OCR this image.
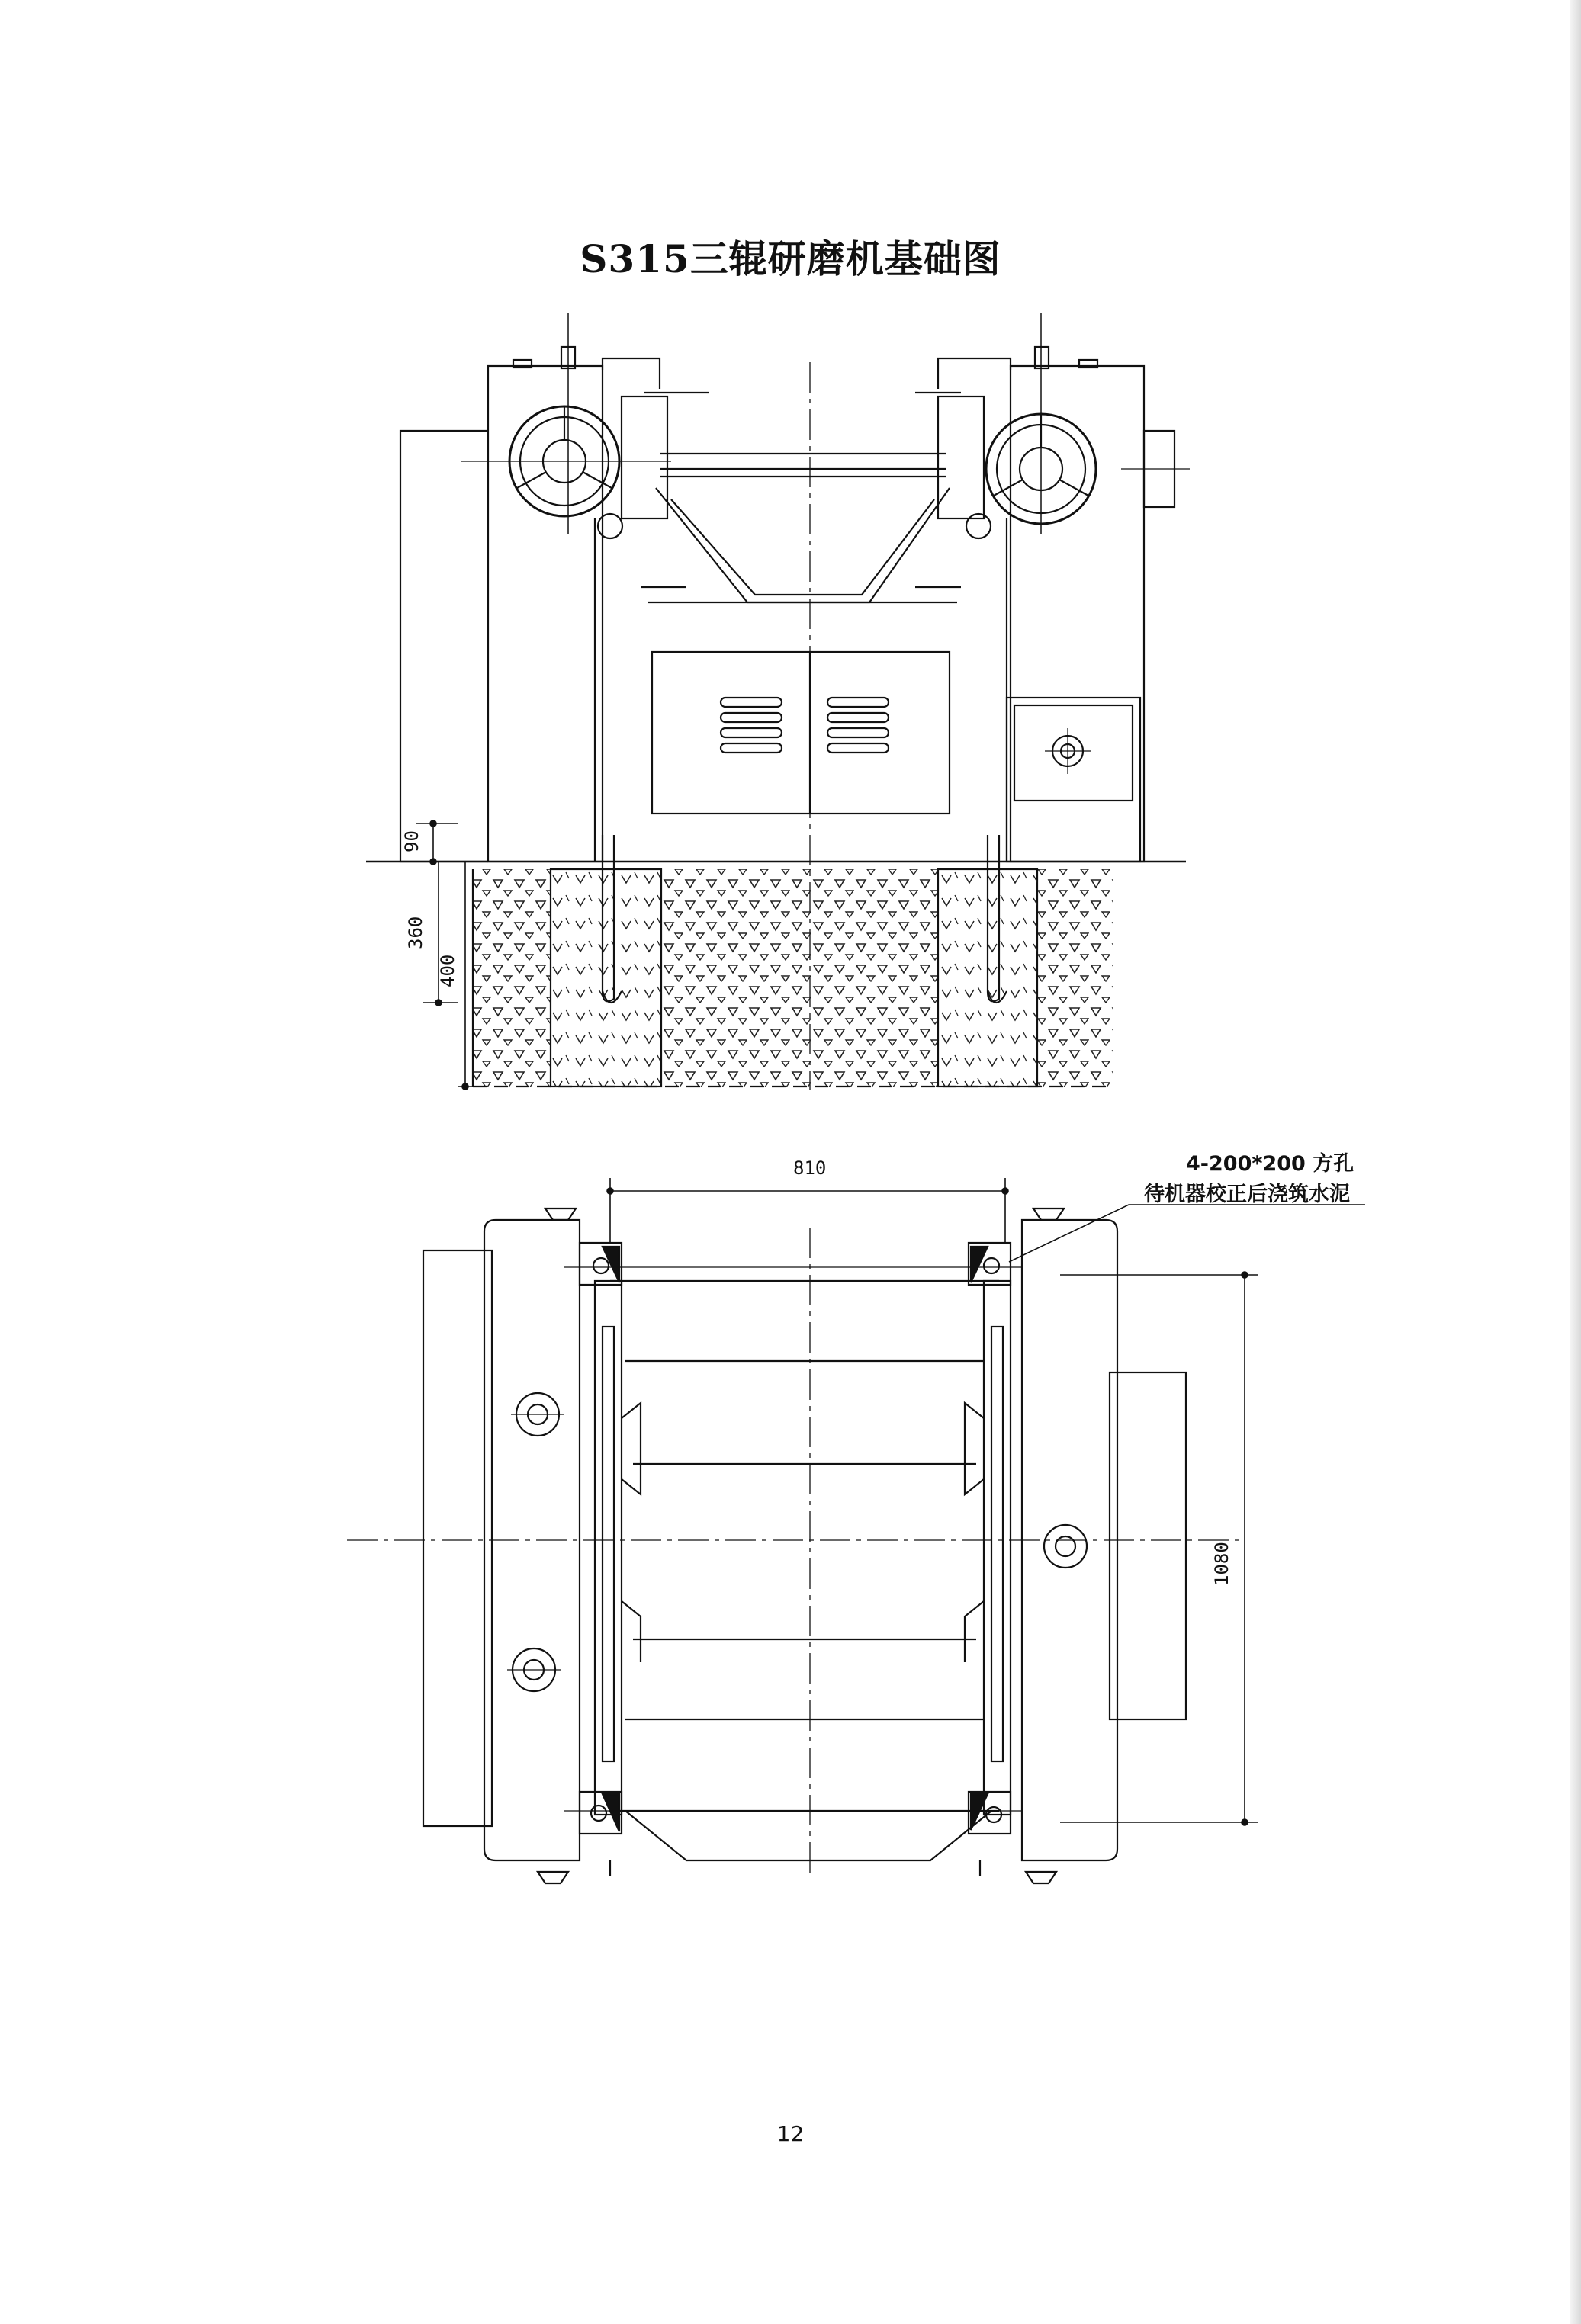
S315三辊研磨机基础图
90
360
400
810
1080
4-200*200 方孔
待机器校正后浇筑水泥
12
